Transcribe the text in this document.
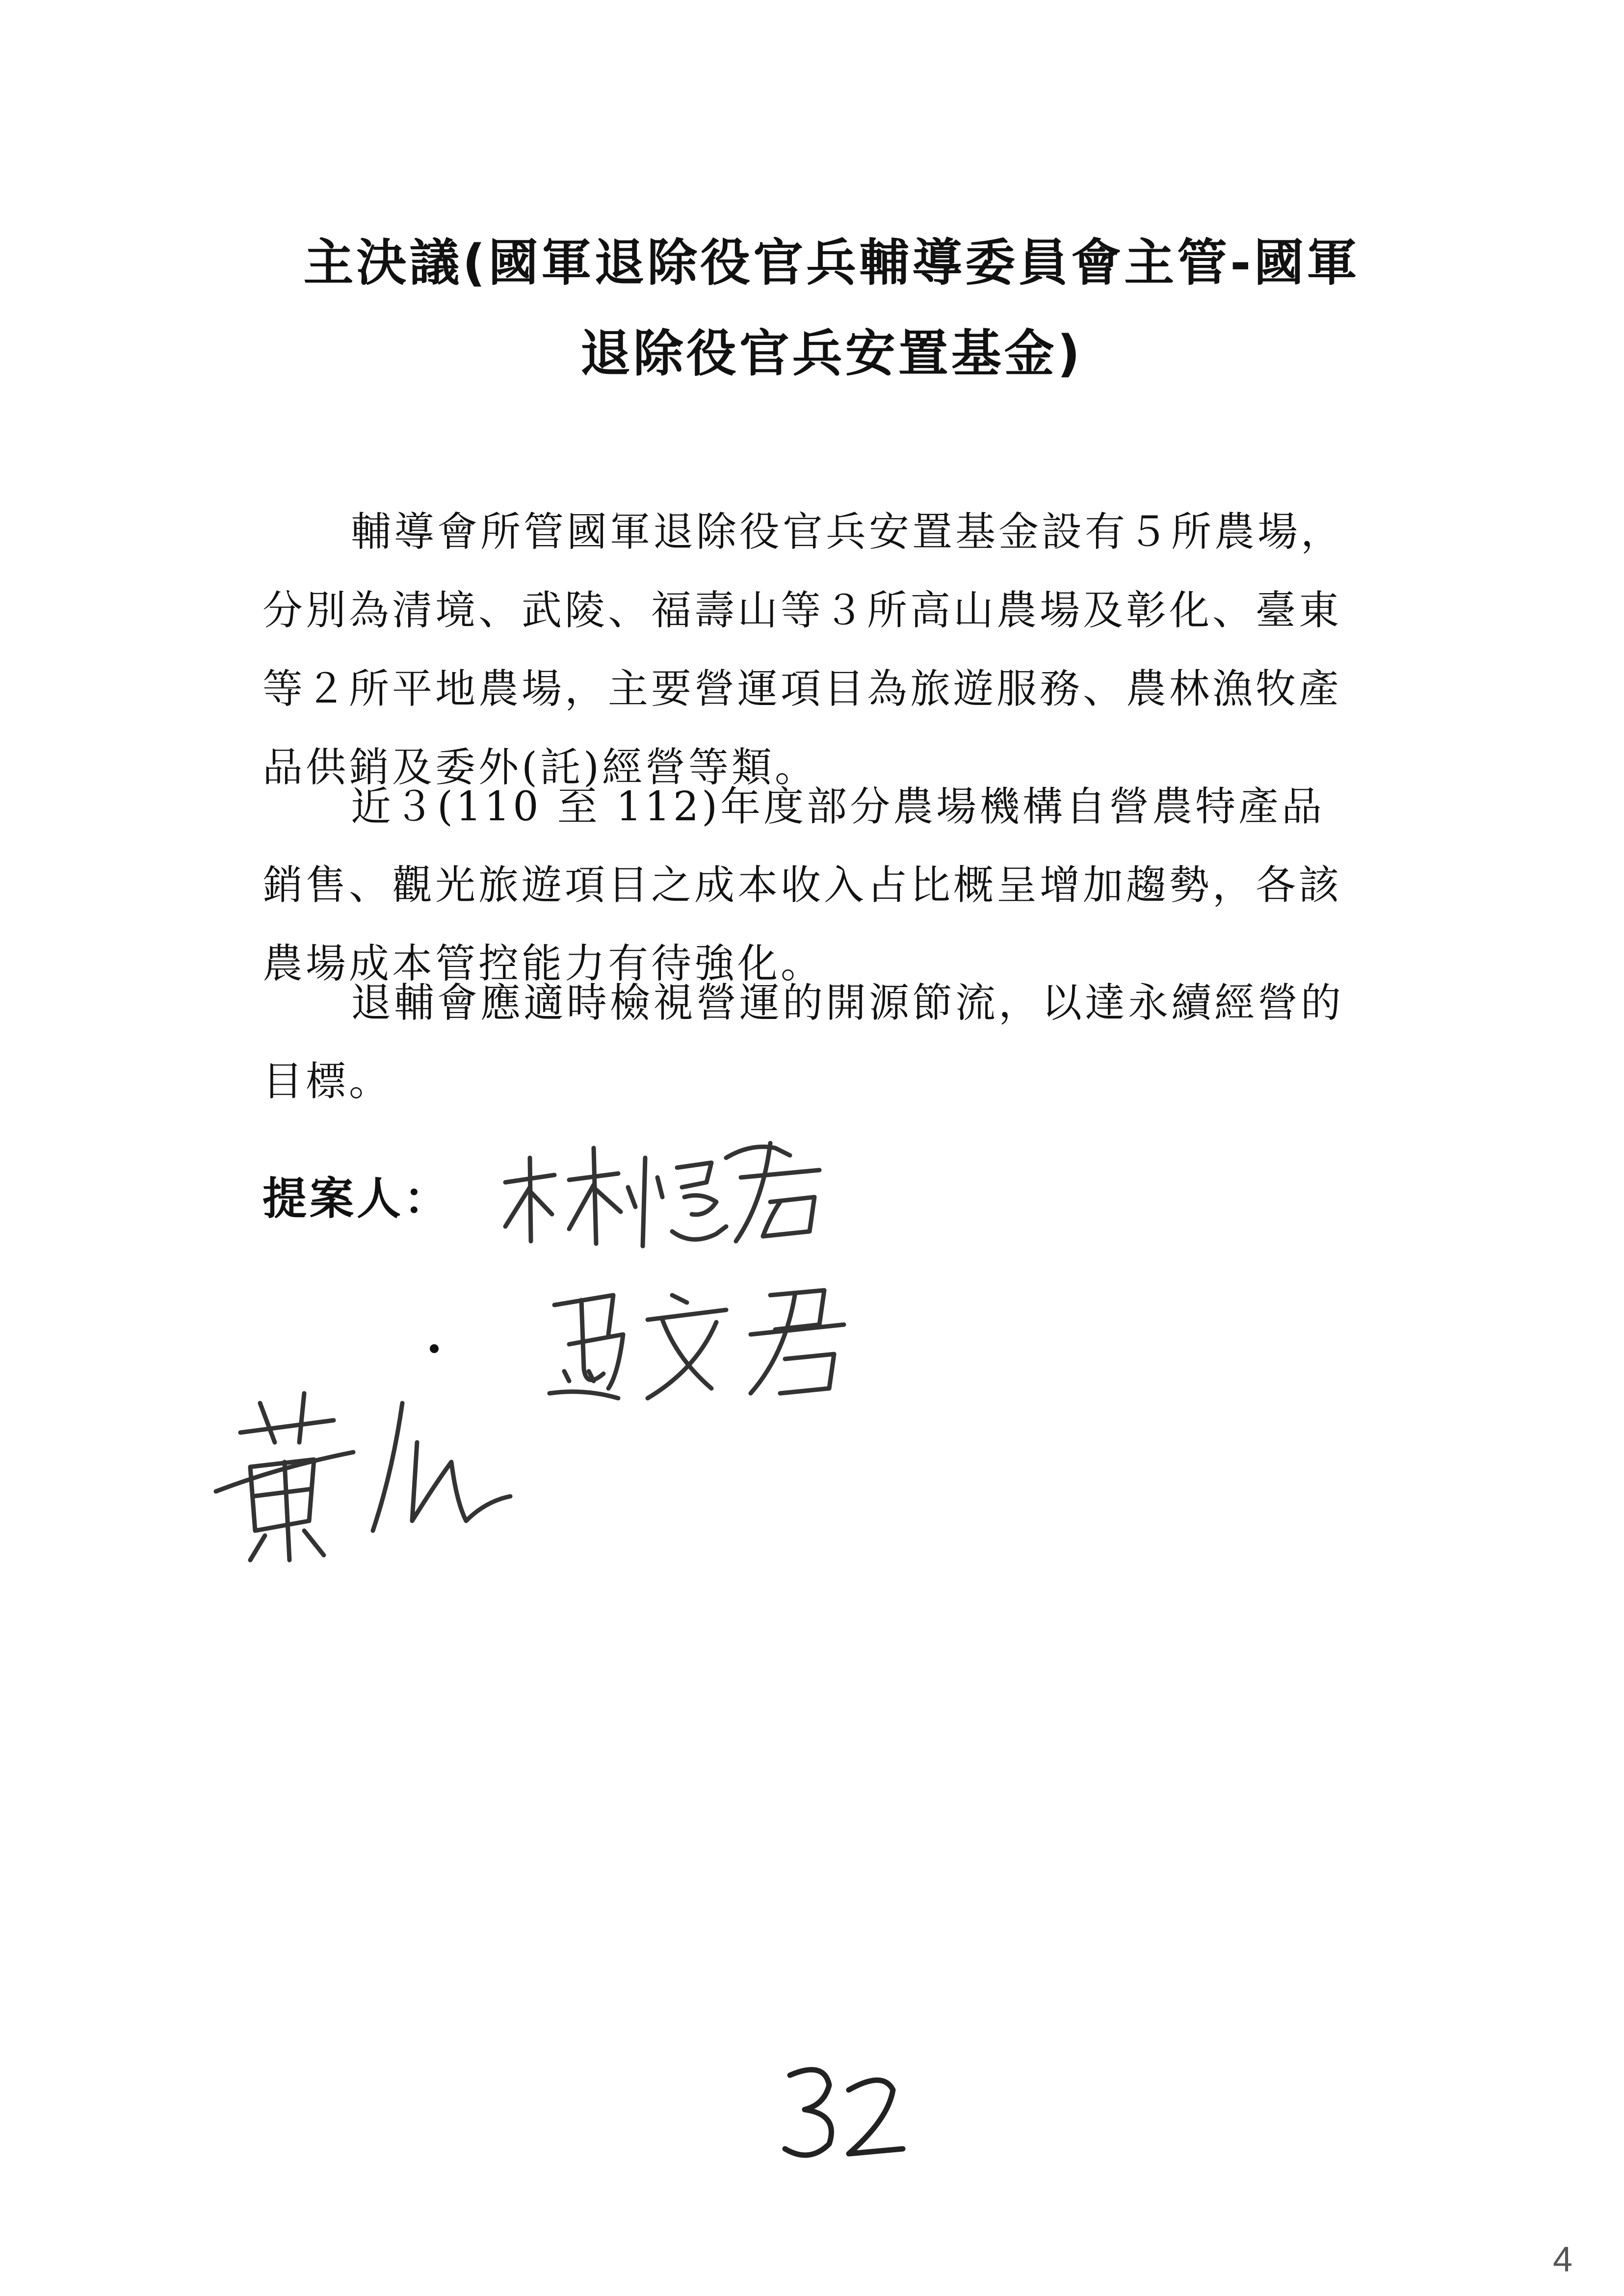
主決議(國軍退除役官兵輔導委員會主管-國軍
退除役官兵安置基金)

輔導會所管國軍退除役官兵安置基金設有５所農場，分別為清境、武陵、福壽山等３所高山農場及彰化、臺東等２所平地農場，主要營運項目為旅遊服務、農林漁牧產品供銷及委外(託)經營等類。

近３(110 至 112)年度部分農場機構自營農特產品銷售、觀光旅遊項目之成本收入占比概呈增加趨勢，各該農場成本管控能力有待強化。

退輔會應適時檢視營運的開源節流，以達永續經營的目標。

提案人：
4
